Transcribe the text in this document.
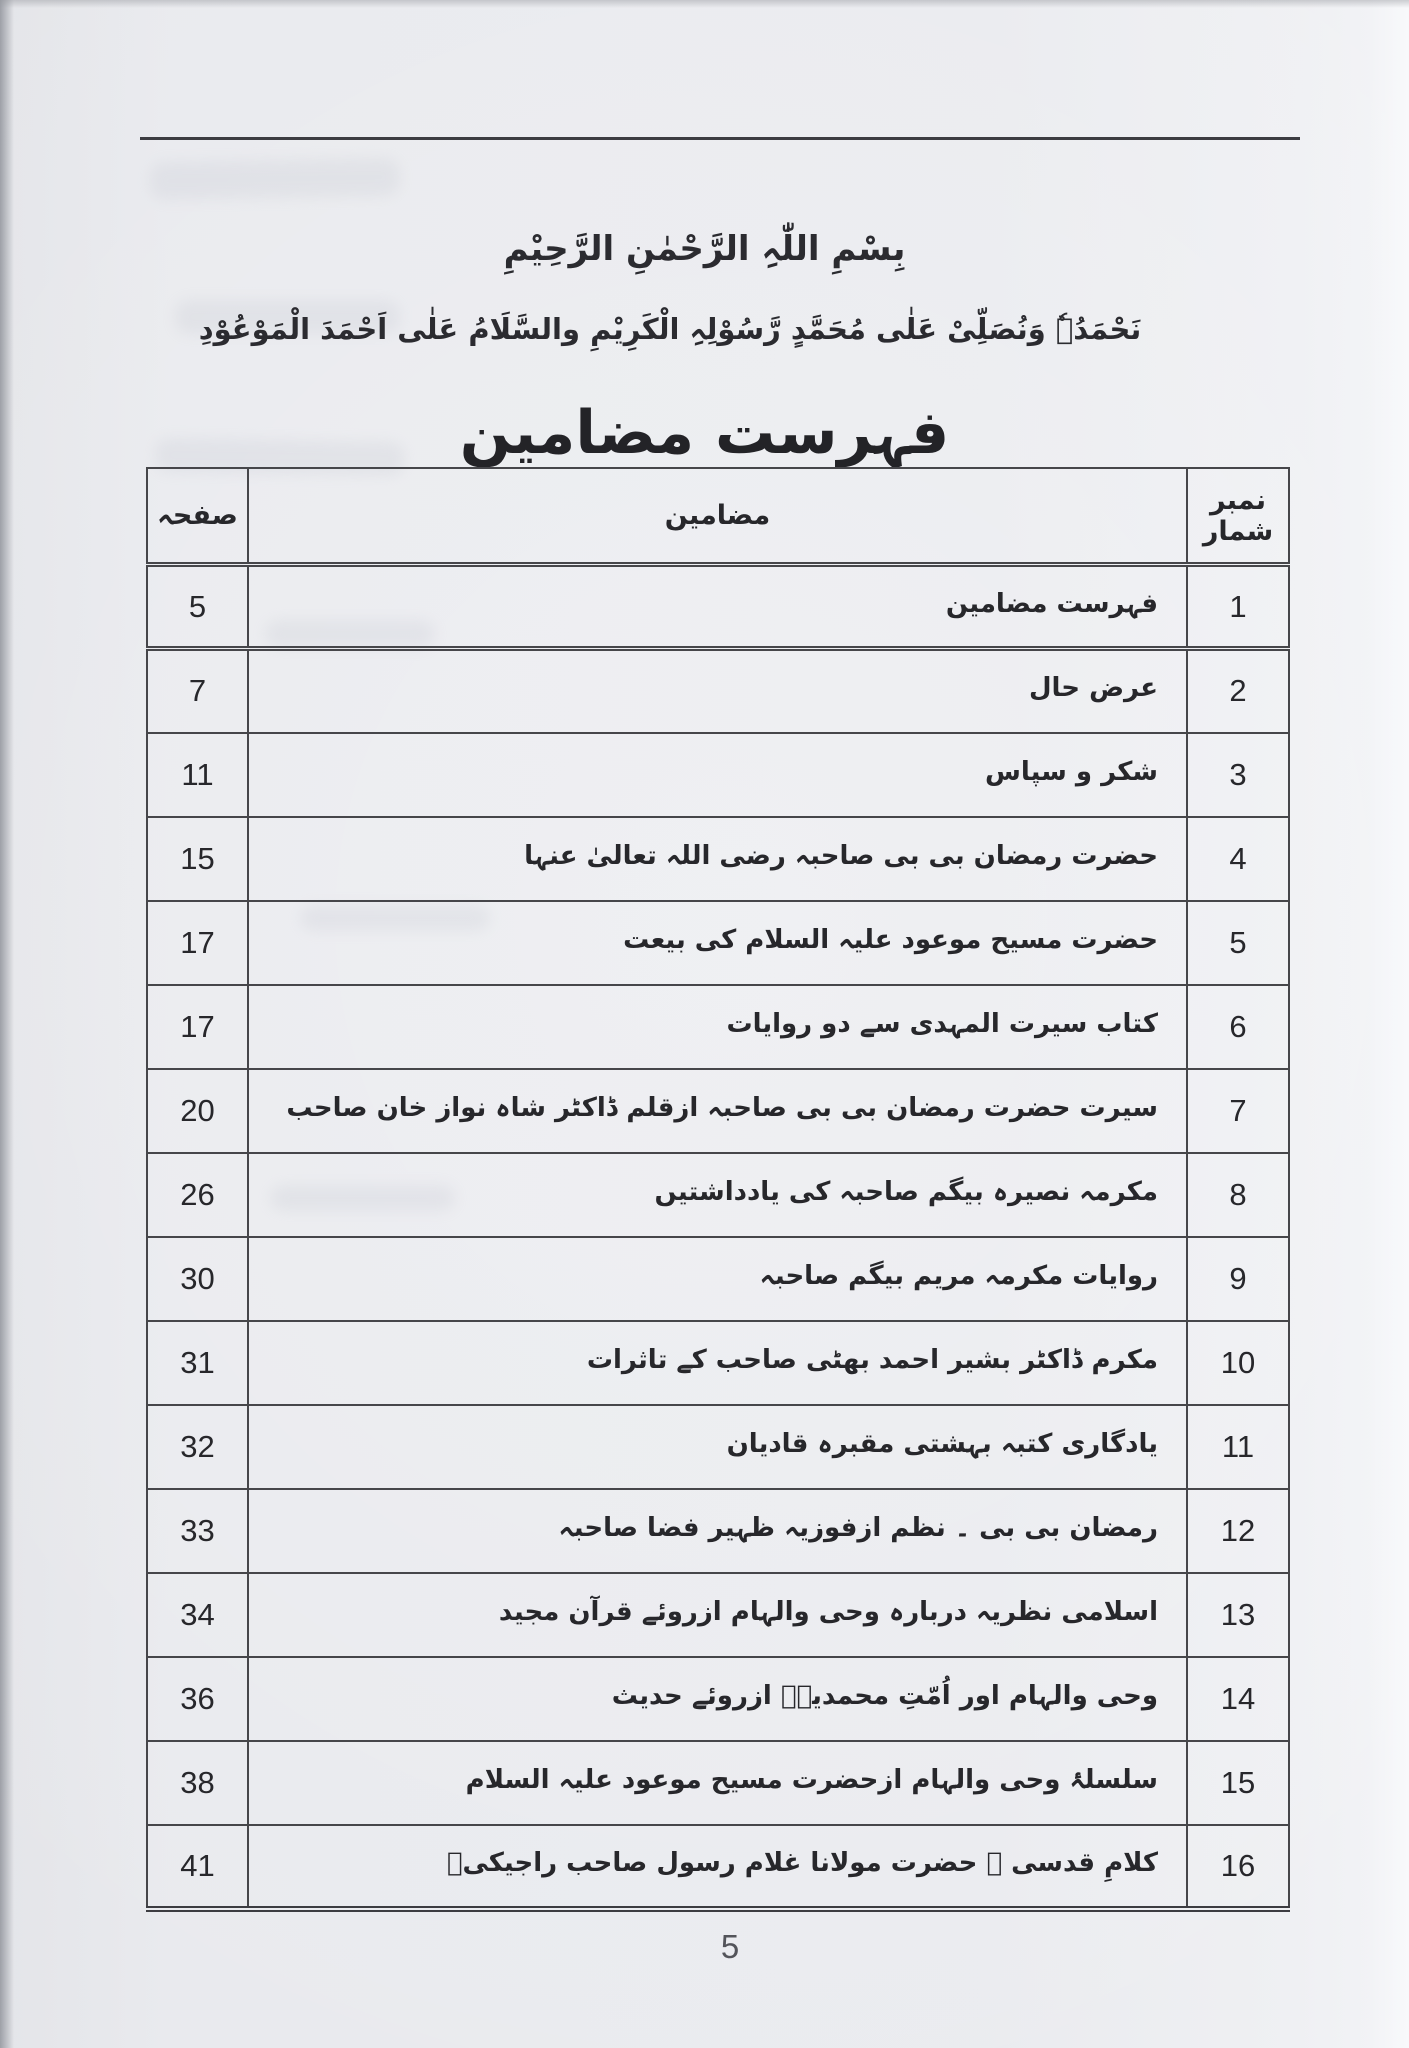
بِسْمِ اللّٰہِ الرَّحْمٰنِ الرَّحِیْمِ
نَحْمَدُہٗ وَنُصَلِّیْ عَلٰی مُحَمَّدٍ رَّسُوْلِہِ الْکَرِیْمِ والسَّلَامُ عَلٰی اَحْمَدَ الْمَوْعُوْدِ
فہرست مضامین
نمبر شمار	مضامین	صفحہ
1	فہرست مضامین	5
2	عرض حال	7
3	شکر و سپاس	11
4	حضرت رمضان بی بی صاحبہ رضی اللہ تعالیٰ عنہا	15
5	حضرت مسیح موعود علیہ السلام کی بیعت	17
6	کتاب سیرت المہدی سے دو روایات	17
7	سیرت حضرت رمضان بی بی صاحبہ ازقلم ڈاکٹر شاہ نواز خان صاحب	20
8	مکرمہ نصیرہ بیگم صاحبہ کی یادداشتیں	26
9	روایات مکرمہ مریم بیگم صاحبہ	30
10	مکرم ڈاکٹر بشیر احمد بھٹی صاحب کے تاثرات	31
11	یادگاری کتبہ بہشتی مقبرہ قادیان	32
12	رمضان بی بی ۔ نظم ازفوزیہ ظہیر فضا صاحبہ	33
13	اسلامی نظریہ دربارہ وحی والہام ازروئے قرآن مجید	34
14	وحی والہام اور اُمّتِ محمدیہؐ ازروئے حدیث	36
15	سلسلۂ وحی والہام ازحضرت مسیح موعود علیہ السلام	38
16	کلامِ قدسی ۔ حضرت مولانا غلام رسول صاحب راجیکیؓ	41
5
